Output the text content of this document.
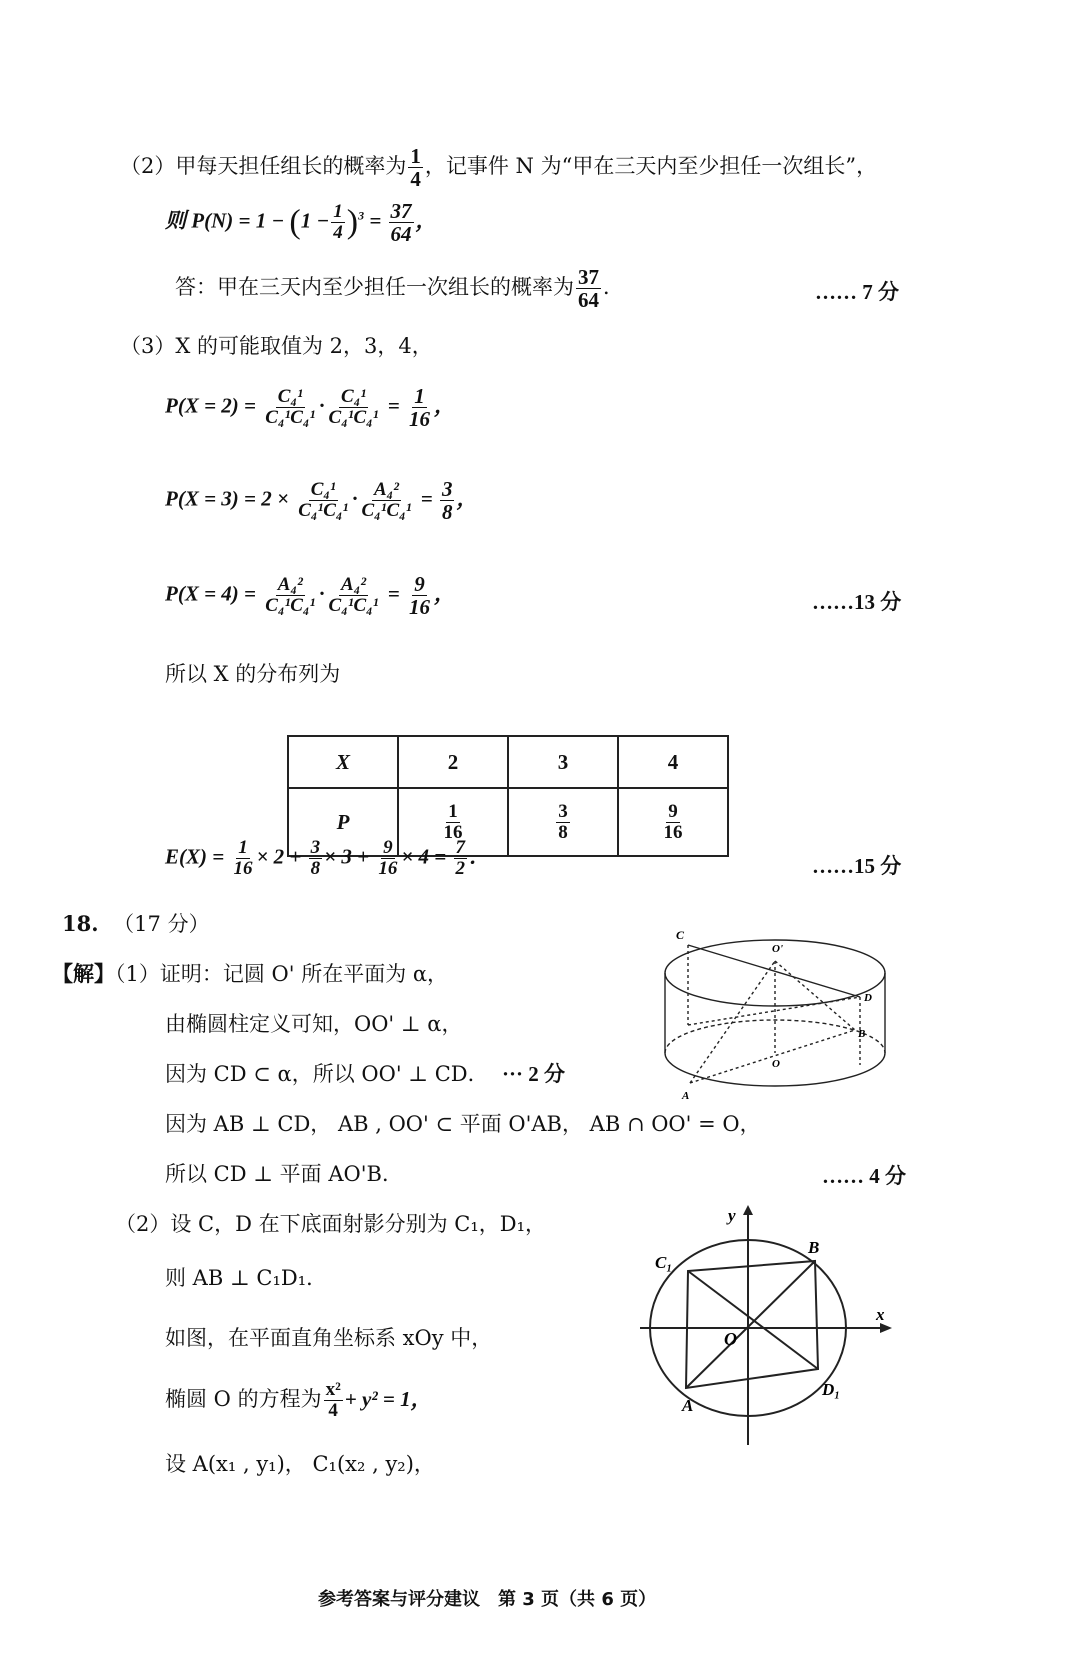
（2）甲每天担任组长的概率为 $\frac{1}{4}$ ，记事件 N 为“甲在三天内至少担任一次组长”，
则 $P(N) = 1 - (1 - \frac{1}{4} )^3 = \frac{37}{64}$ ，
答：甲在三天内至少担任一次组长的概率为 $\frac{37}{64}$ ．	…… 7 分
（3）X 的可能取值为 2，3，4，
$P(X = 2) = \frac{\text{C₄¹}}{\text{C₄¹C₄¹}} \cdot \frac{\text{C₄¹}}{\text{C₄¹C₄¹}} = \frac{1}{16}$ ，
$P(X = 3) = 2 \times \frac{\text{C₄¹}}{\text{C₄¹C₄¹}} \cdot \frac{\text{A₄²}}{\text{C₄¹C₄¹}} = \frac{3}{8}$ ，
$P(X = 4) = \frac{\text{A₄²}}{\text{C₄¹C₄¹}} \cdot \frac{\text{A₄²}}{\text{C₄¹C₄¹}} = \frac{9}{16}$ ，	……13 分
所以 X 的分布列为
X	2	3	4
P	$\frac{1}{16}$	$\frac{3}{8}$	$\frac{9}{16}$
$E(X) = \frac{1}{16} \times 2 + \frac{3}{8} \times 3 + \frac{9}{16} \times 4 = \frac{7}{2}$ ．	……15 分
18. （17 分）
【解】（1）证明：记圆 O' 所在平面为 α，
由椭圆柱定义可知，OO' ⊥ α，
因为 CD ⊂ α，所以 OO' ⊥ CD． ··· 2 分
因为 AB ⊥ CD， AB , OO' ⊂ 平面 O'AB， AB ∩ OO' = O，
所以 CD ⊥ 平面 AO'B．	…… 4 分
（2）设 C，D 在下底面射影分别为 C₁，D₁，
则 AB ⊥ C₁D₁．
如图，在平面直角坐标系 xOy 中，
椭圆 O 的方程为 $\frac{\text{x²}}{4} + y^2 = 1$，
设 A(x₁ , y₁)， C₁(x₂ , y₂)，
C
O'
D
B
O
A
y
x
C₁
B
O
D₁
A
参考答案与评分建议　第 3 页（共 6 页）
